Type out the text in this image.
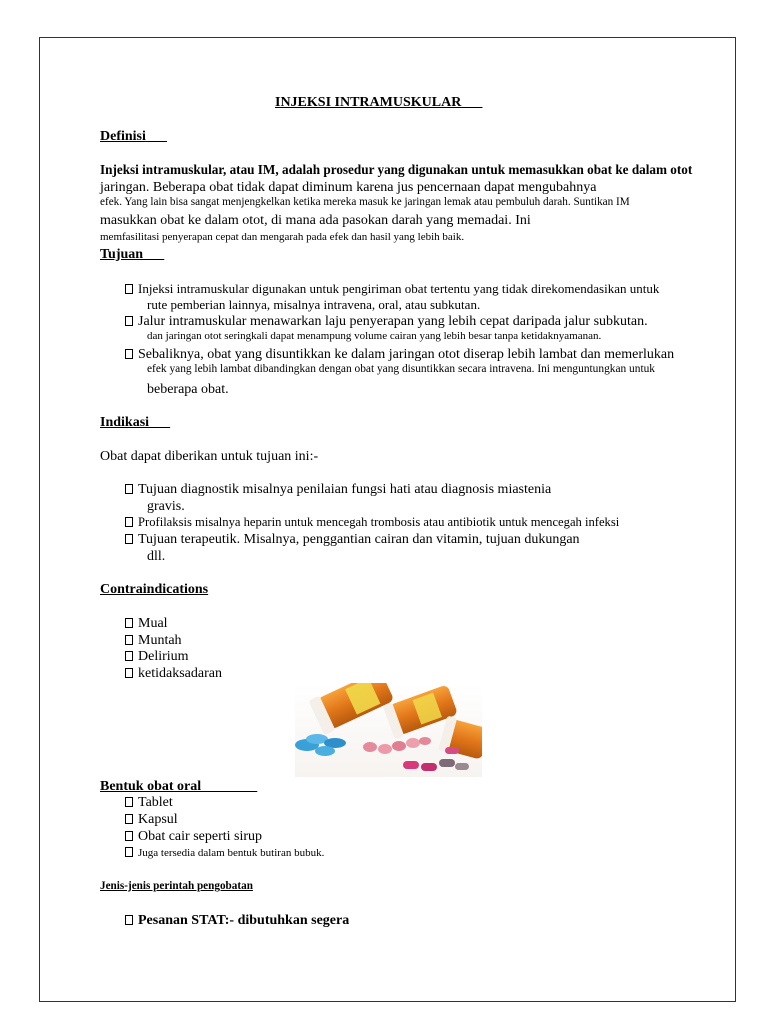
INJEKSI INTRAMUSKULAR___
Definisi___
Injeksi intramuskular, atau IM, adalah prosedur yang digunakan untuk memasukkan obat ke dalam otot
jaringan. Beberapa obat tidak dapat diminum karena jus pencernaan dapat mengubahnya
efek. Yang lain bisa sangat menjengkelkan ketika mereka masuk ke jaringan lemak atau pembuluh darah. Suntikan IM
masukkan obat ke dalam otot, di mana ada pasokan darah yang memadai. Ini
memfasilitasi penyerapan cepat dan mengarah pada efek dan hasil yang lebih baik.
Tujuan___
Injeksi intramuskular digunakan untuk pengiriman obat tertentu yang tidak direkomendasikan untuk
rute pemberian lainnya, misalnya intravena, oral, atau subkutan.
Jalur intramuskular menawarkan laju penyerapan yang lebih cepat daripada jalur subkutan.
dan jaringan otot seringkali dapat menampung volume cairan yang lebih besar tanpa ketidaknyamanan.
Sebaliknya, obat yang disuntikkan ke dalam jaringan otot diserap lebih lambat dan memerlukan
efek yang lebih lambat dibandingkan dengan obat yang disuntikkan secara intravena. Ini menguntungkan untuk
beberapa obat.
Indikasi___
Obat dapat diberikan untuk tujuan ini:-
Tujuan diagnostik misalnya penilaian fungsi hati atau diagnosis miastenia
gravis.
Profilaksis misalnya heparin untuk mencegah trombosis atau antibiotik untuk mencegah infeksi
Tujuan terapeutik. Misalnya, penggantian cairan dan vitamin, tujuan dukungan
dll.
Contraindications
Mual
Muntah
Delirium
ketidaksadaran
Bentuk obat oral________
Tablet
Kapsul
Obat cair seperti sirup
Juga tersedia dalam bentuk butiran bubuk.
Jenis-jenis perintah pengobatan
Pesanan STAT:- dibutuhkan segera
